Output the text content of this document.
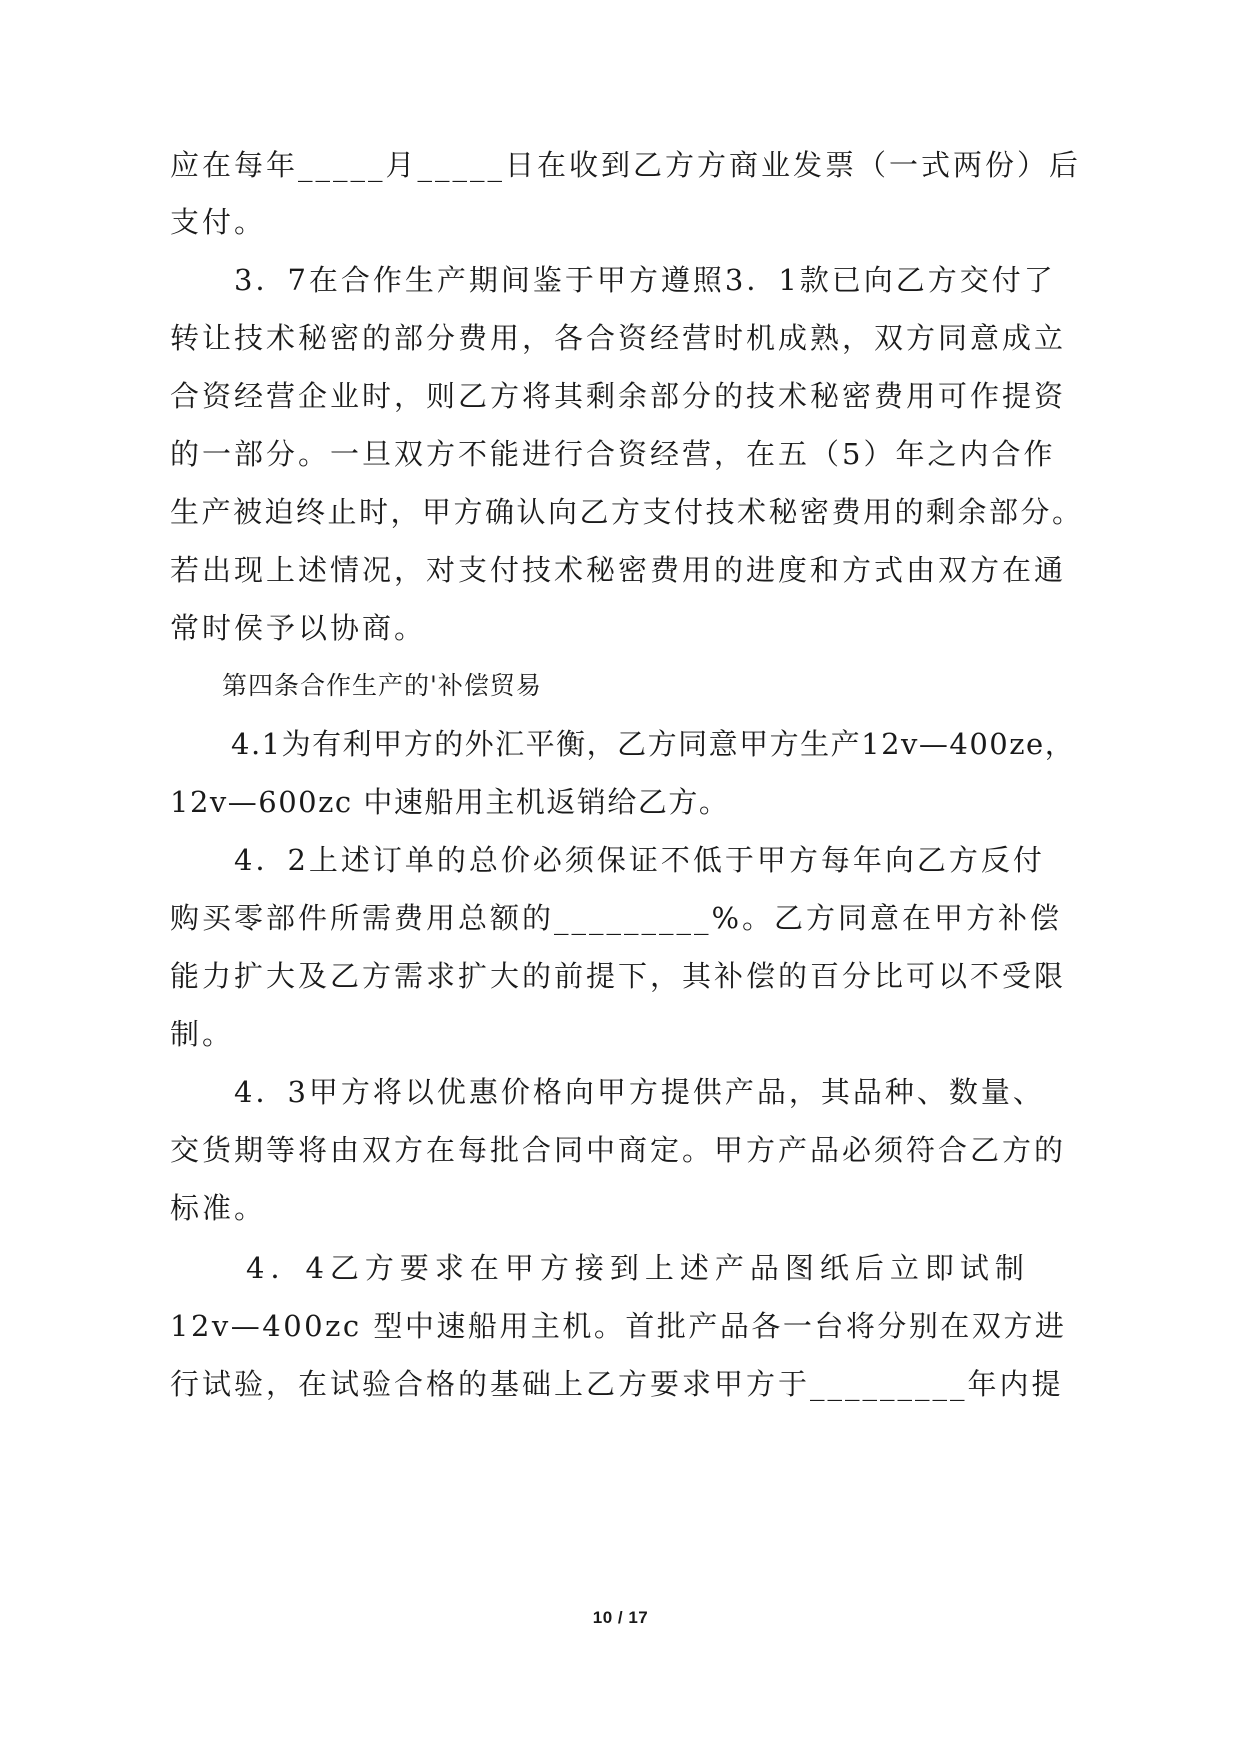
应在每年_____月_____日在收到乙方方商业发票（一式两份）后
支付。
　　3．7在合作生产期间鉴于甲方遵照3．1款已向乙方交付了
转让技术秘密的部分费用，各合资经营时机成熟，双方同意成立
合资经营企业时，则乙方将其剩余部分的技术秘密费用可作提资
的一部分。一旦双方不能进行合资经营，在五（5）年之内合作
生产被迫终止时，甲方确认向乙方支付技术秘密费用的剩余部分。
若出现上述情况，对支付技术秘密费用的进度和方式由双方在通
常时侯予以协商。
　　第四条合作生产的'补偿贸易
　　4.1为有利甲方的外汇平衡，乙方同意甲方生产12v—400ze，
12v—600zc 中速船用主机返销给乙方。
　　4．2上述订单的总价必须保证不低于甲方每年向乙方反付
购买零部件所需费用总额的_________%。乙方同意在甲方补偿
能力扩大及乙方需求扩大的前提下，其补偿的百分比可以不受限
制。
　　4．3甲方将以优惠价格向甲方提供产品，其品种、数量、
交货期等将由双方在每批合同中商定。甲方产品必须符合乙方的
标准。
　　4．4乙方要求在甲方接到上述产品图纸后立即试制
12v—400zc 型中速船用主机。首批产品各一台将分别在双方进
行试验，在试验合格的基础上乙方要求甲方于_________年内提
10 / 17
